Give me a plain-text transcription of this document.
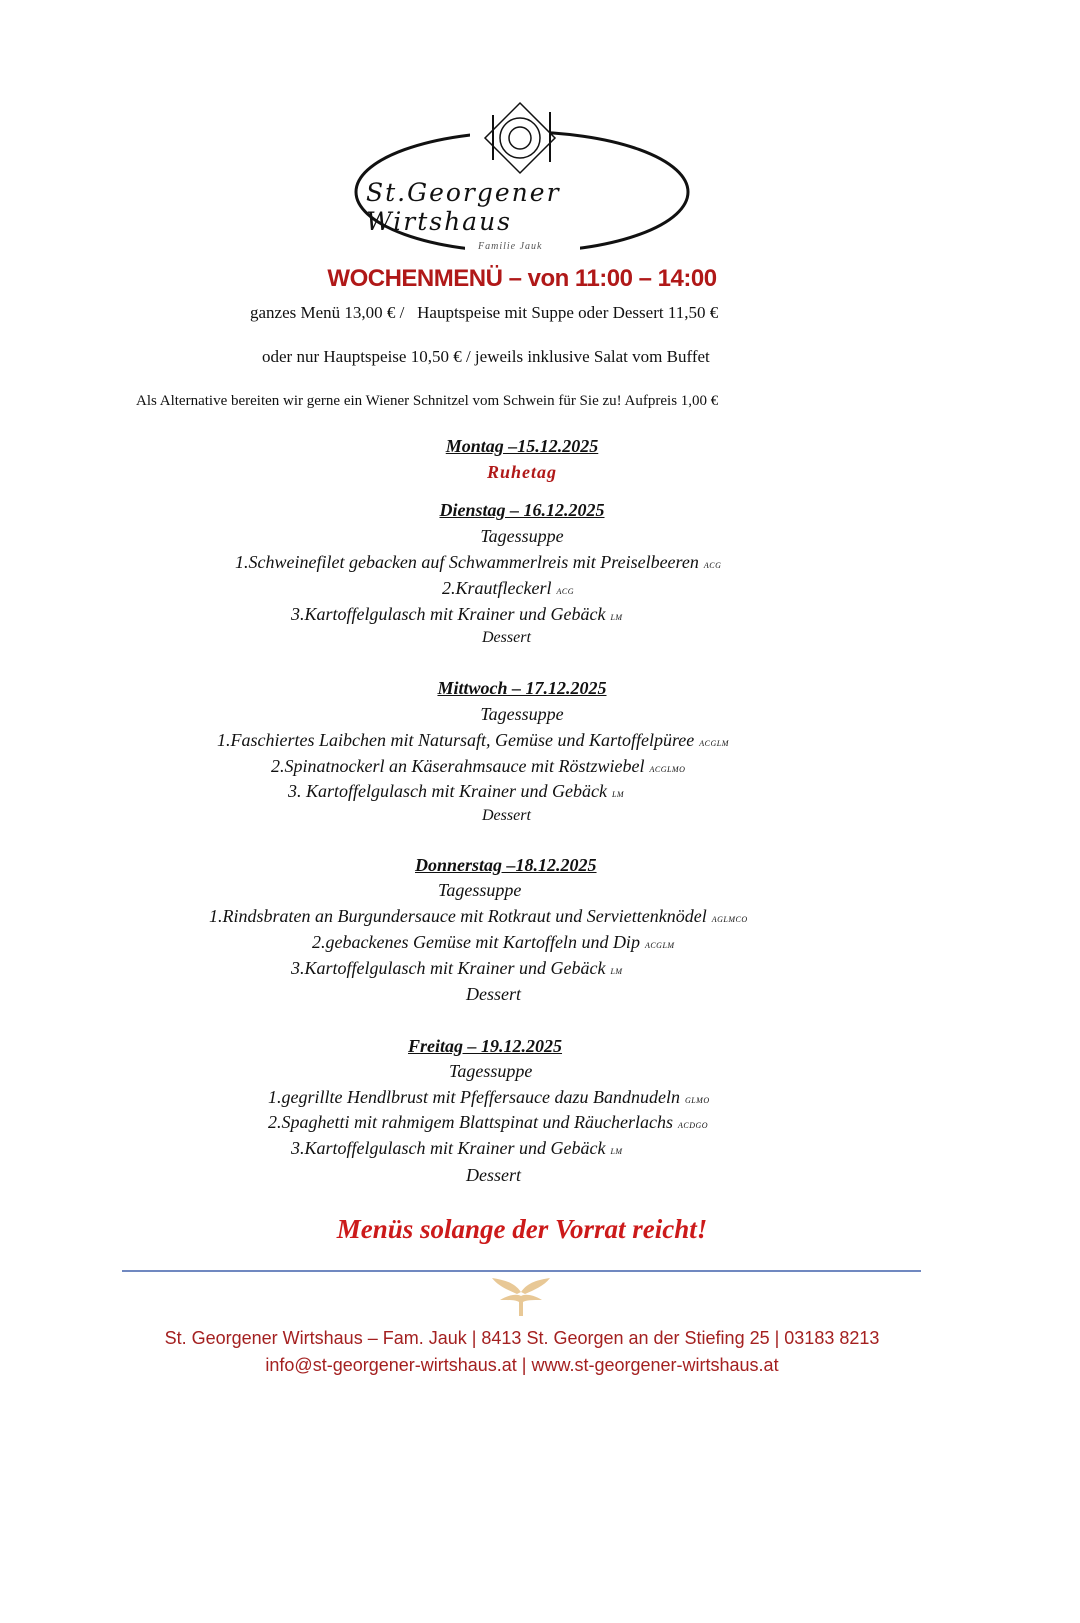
St.Georgener Wirtshaus
Familie Jauk
WOCHENMENÜ – von 11:00 – 14:00
ganzes Menü 13,00 € /   Hauptspeise mit Suppe oder Dessert 11,50 €
oder nur Hauptspeise 10,50 € / jeweils inklusive Salat vom Buffet
Als Alternative bereiten wir gerne ein Wiener Schnitzel vom Schwein für Sie zu! Aufpreis 1,00 €
Montag –15.12.2025
Ruhetag
Dienstag – 16.12.2025
Tagessuppe
1.Schweinefilet gebacken auf Schwammerlreis mit Preiselbeeren acg
2.Krautfleckerl acg
3.Kartoffelgulasch mit Krainer und Gebäck lm
Dessert
Mittwoch – 17.12.2025
Tagessuppe
1.Faschiertes Laibchen mit Natursaft, Gemüse und Kartoffelpüree acglm
2.Spinatnockerl an Käserahmsauce mit Röstzwiebel acglmo
3. Kartoffelgulasch mit Krainer und Gebäck lm
Dessert
Donnerstag –18.12.2025
Tagessuppe
1.Rindsbraten an Burgundersauce mit Rotkraut und Serviettenknödel aglmco
2.gebackenes Gemüse mit Kartoffeln und Dip acglm
3.Kartoffelgulasch mit Krainer und Gebäck lm
Dessert
Freitag – 19.12.2025
Tagessuppe
1.gegrillte Hendlbrust mit Pfeffersauce dazu Bandnudeln glmo
2.Spaghetti mit rahmigem Blattspinat und Räucherlachs acdgo
3.Kartoffelgulasch mit Krainer und Gebäck lm
Dessert
Menüs solange der Vorrat reicht!
St. Georgener Wirtshaus – Fam. Jauk | 8413 St. Georgen an der Stiefing 25 | 03183 8213
info@st-georgener-wirtshaus.at | www.st-georgener-wirtshaus.at
